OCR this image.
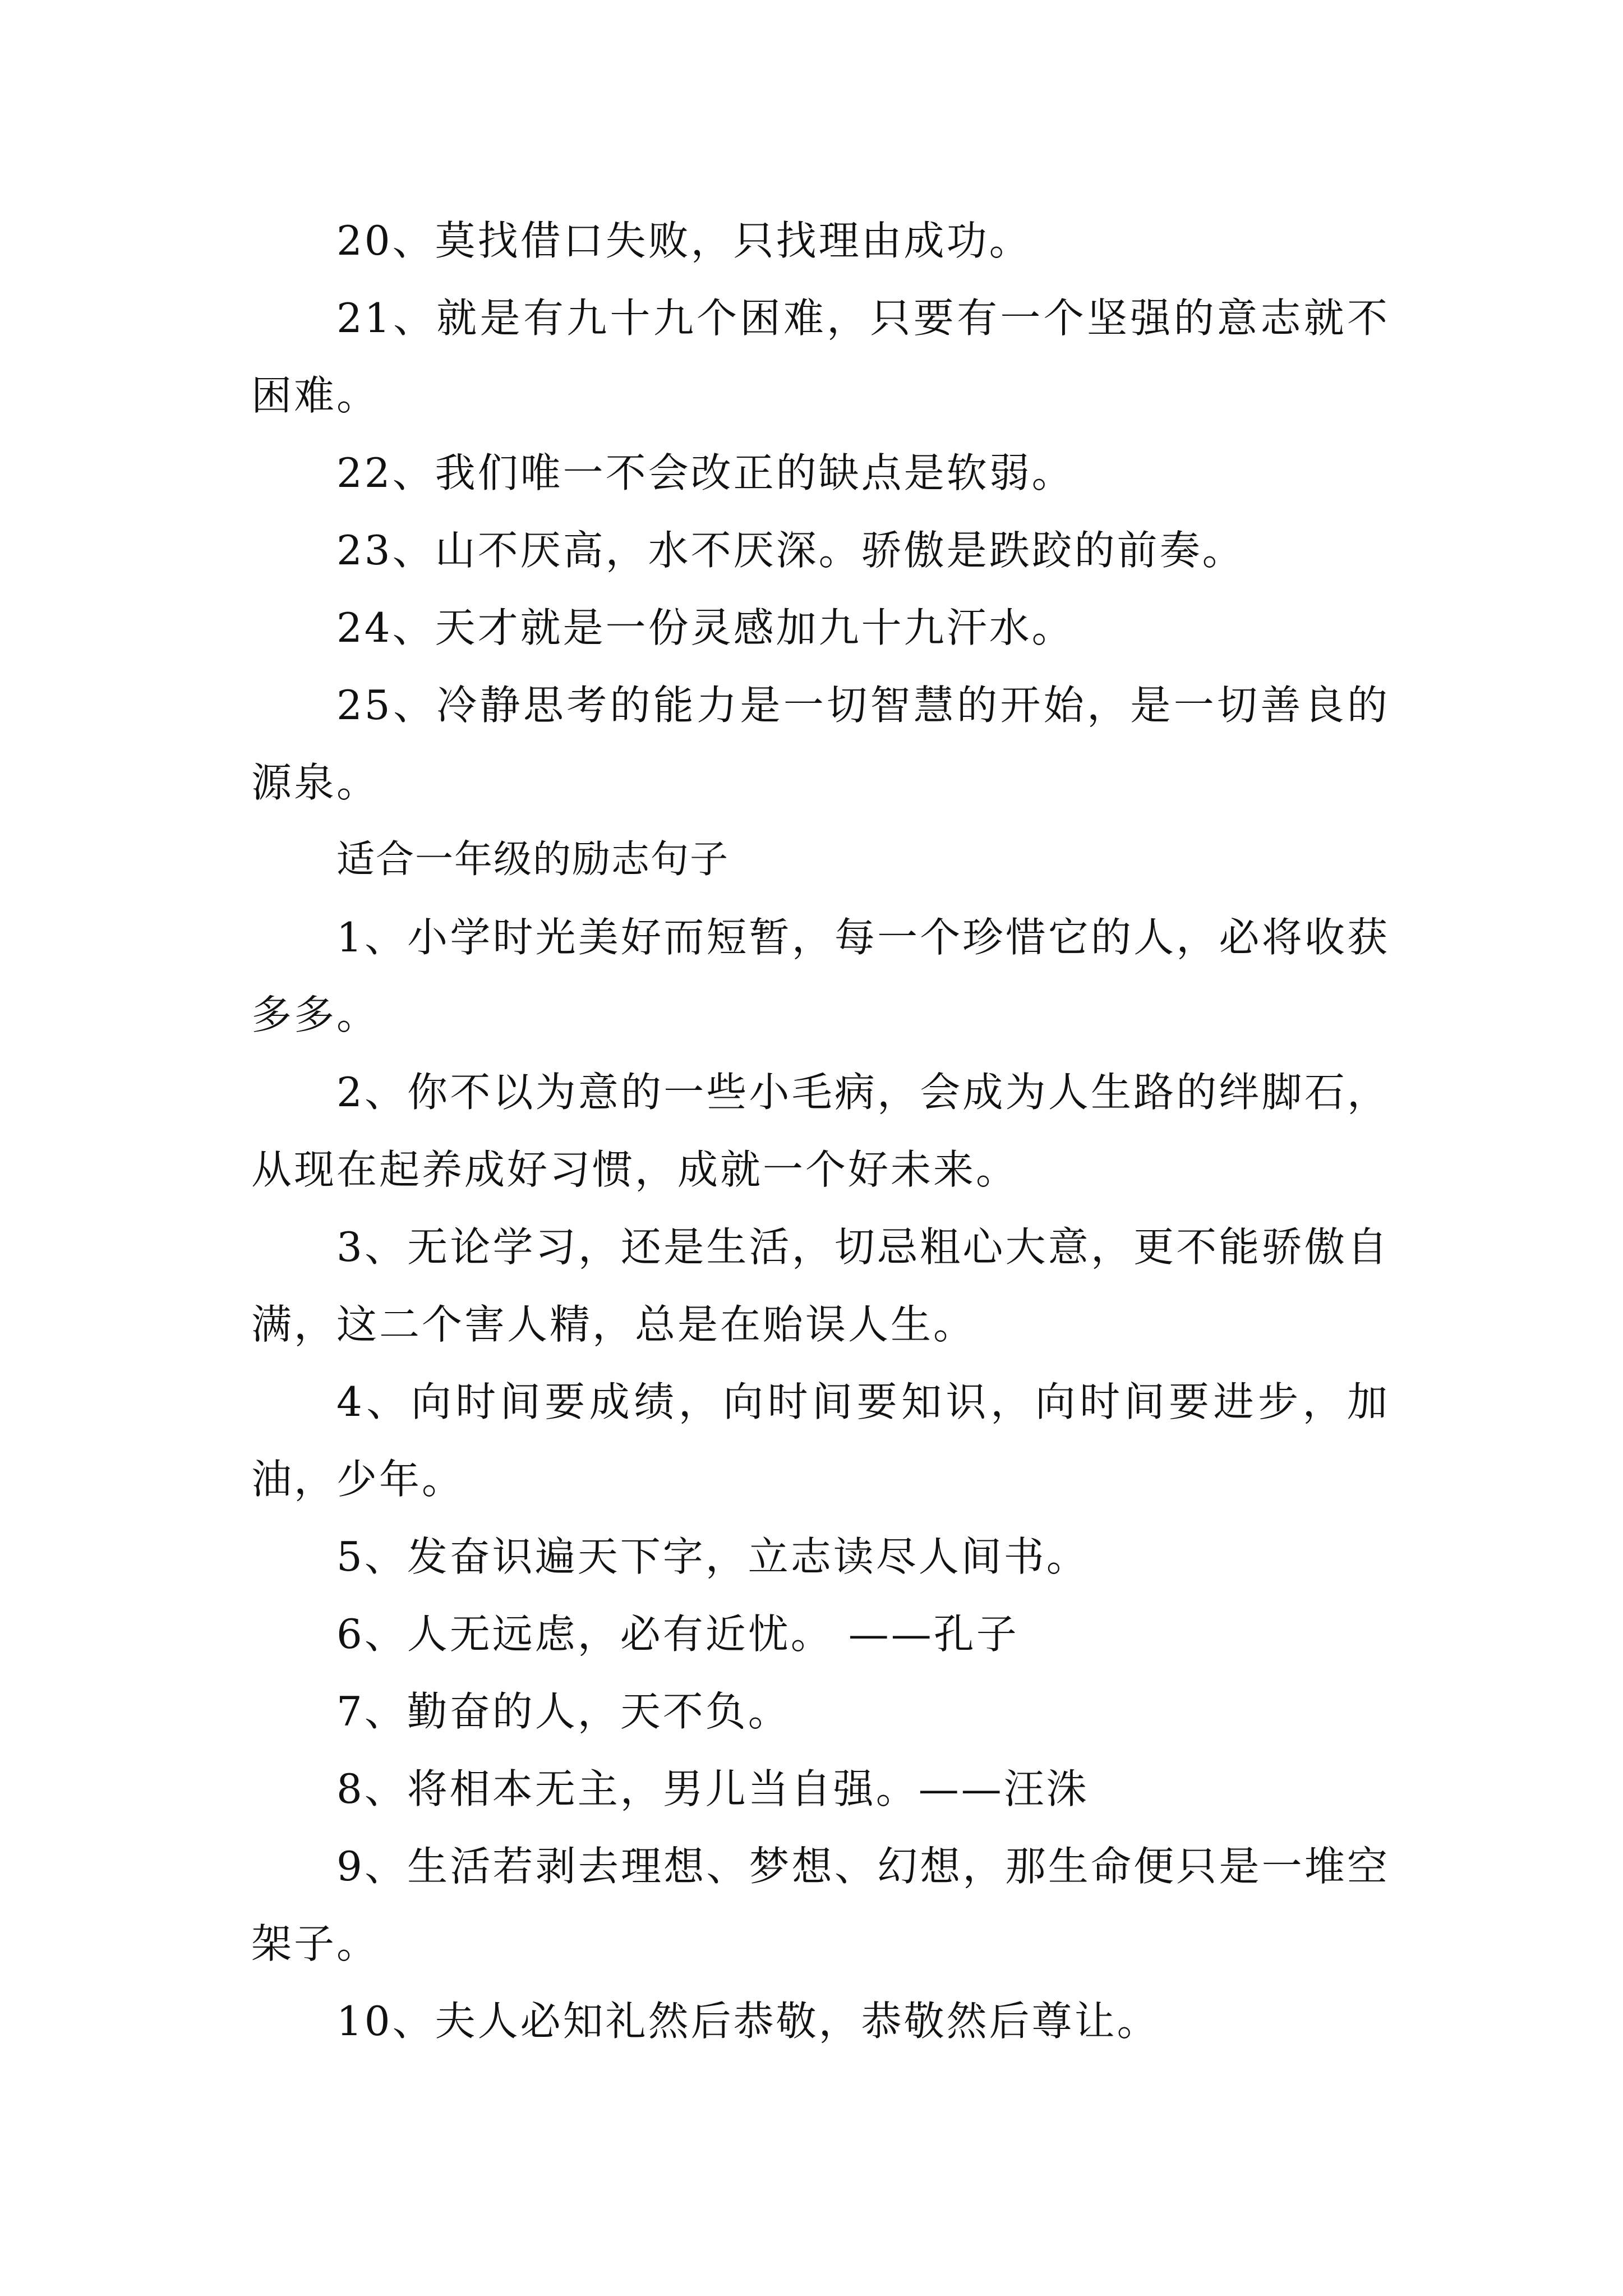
20、莫找借口失败，只找理由成功。

21、就是有九十九个困难，只要有一个坚强的意志就不困难。

22、我们唯一不会改正的缺点是软弱。

23、山不厌高，水不厌深。骄傲是跌跤的前奏。

24、天才就是一份灵感加九十九汗水。

25、冷静思考的能力是一切智慧的开始，是一切善良的源泉。

适合一年级的励志句子

1、小学时光美好而短暂，每一个珍惜它的人，必将收获多多。

2、你不以为意的一些小毛病，会成为人生路的绊脚石，从现在起养成好习惯，成就一个好未来。

3、无论学习，还是生活，切忌粗心大意，更不能骄傲自满，这二个害人精，总是在贻误人生。

4、向时间要成绩，向时间要知识，向时间要进步，加油，少年。

5、发奋识遍天下字，立志读尽人间书。

6、人无远虑，必有近忧。 ——孔子

7、勤奋的人，天不负。

8、将相本无主，男儿当自强。——汪洙

9、生活若剥去理想、梦想、幻想，那生命便只是一堆空架子。

10、夫人必知礼然后恭敬，恭敬然后尊让。
